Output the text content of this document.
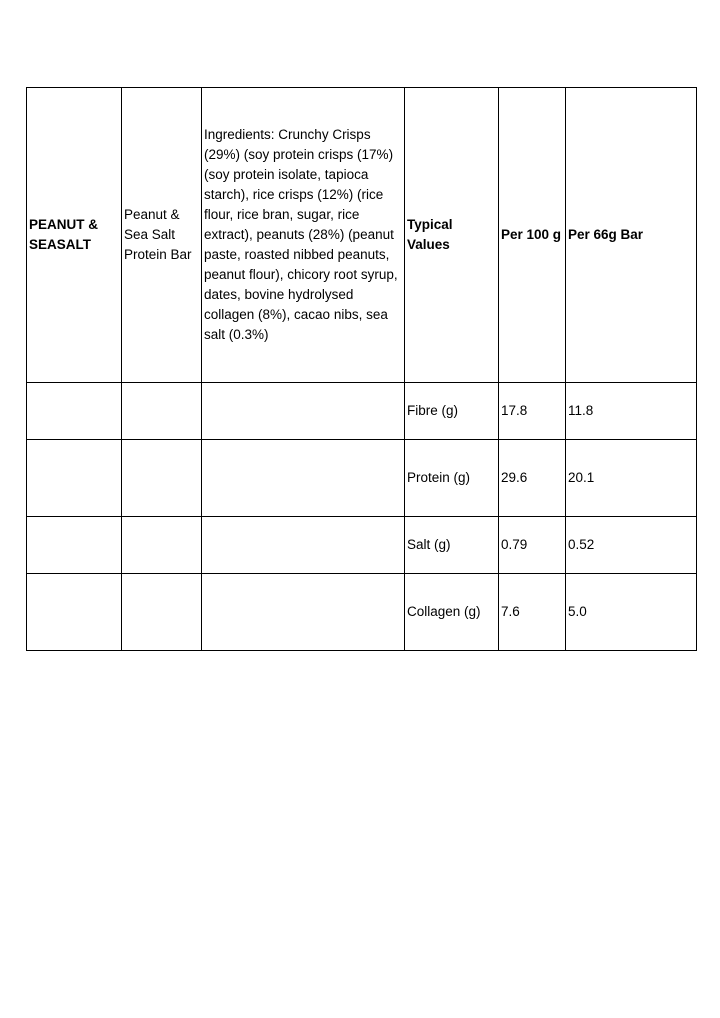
PEANUT & SEASALT	Peanut & Sea Salt Protein Bar	Ingredients: Crunchy Crisps (29%) (soy protein crisps (17%) (soy protein isolate, tapioca starch), rice crisps (12%) (rice flour, rice bran, sugar, rice extract), peanuts (28%) (peanut paste, roasted nibbed peanuts, peanut flour), chicory root syrup, dates, bovine hydrolysed collagen (8%), cacao nibs, sea salt (0.3%)	Typical Values	Per 100 g	Per 66g Bar
			Fibre (g)	17.8	11.8
			Protein (g)	29.6	20.1
			Salt (g)	0.79	0.52
			Collagen (g)	7.6	5.0
